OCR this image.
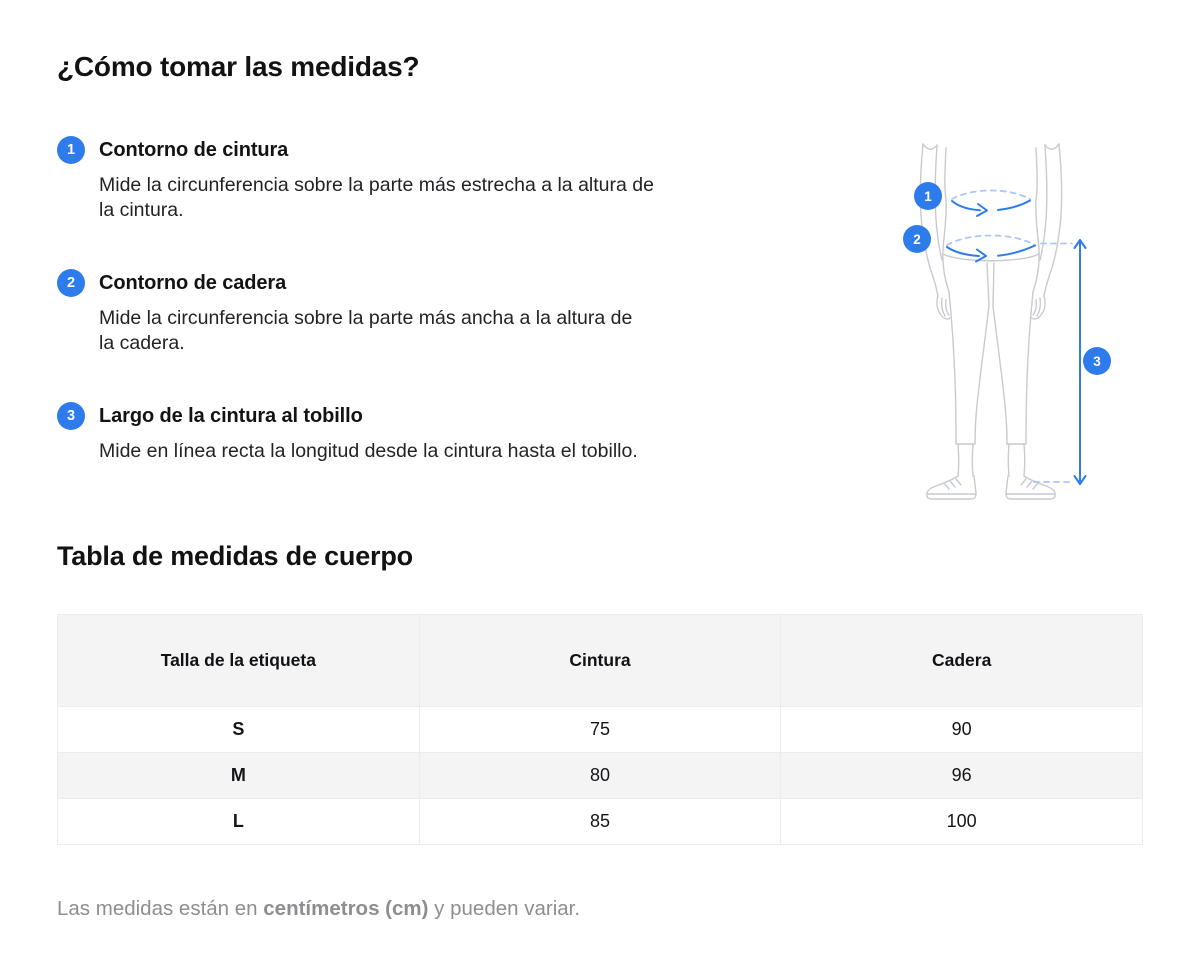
¿Cómo tomar las medidas?
1	Contorno de cintura

Mide la circunferencia sobre la parte más estrecha a la altura de
la cintura.

2	Contorno de cadera

Mide la circunferencia sobre la parte más ancha a la altura de
la cadera.

3	Largo de la cintura al tobillo

Mide en línea recta la longitud desde la cintura hasta el tobillo.

Tabla de medidas de cuerpo
Talla de la etiqueta	Cintura	Cadera
S	75	90
M	80	96
L	85	100

Las medidas están en centímetros (cm) y pueden variar.

1
2
3
